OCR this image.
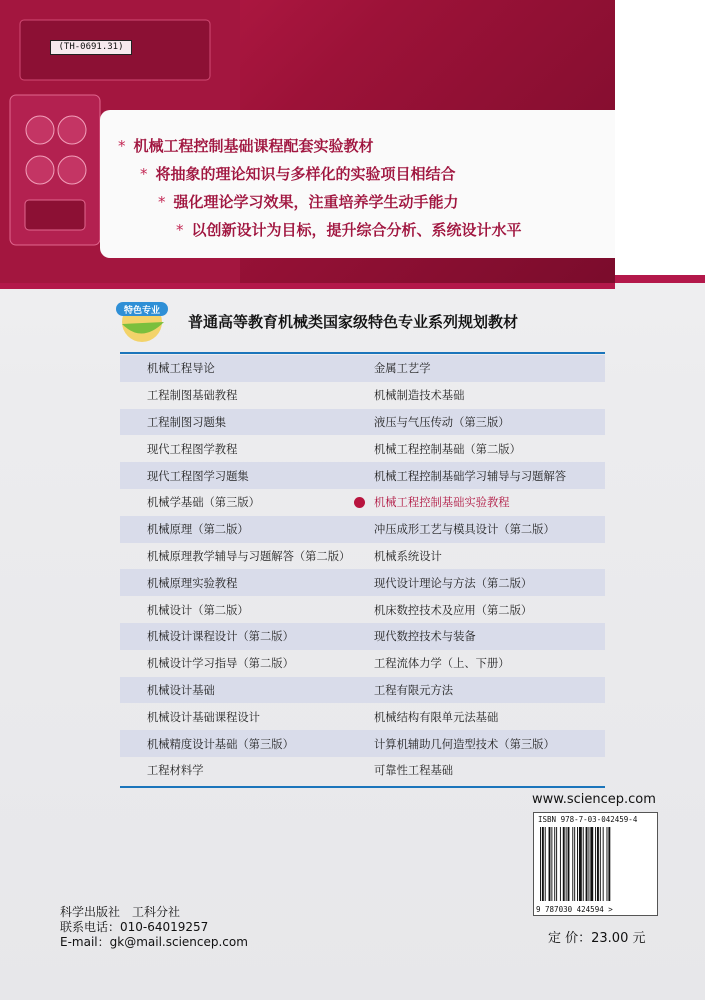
(TH-0691.31)
* 机械工程控制基础课程配套实验教材
* 将抽象的理论知识与多样化的实验项目相结合
* 强化理论学习效果，注重培养学生动手能力
* 以创新设计为目标，提升综合分析、系统设计水平
特色专业
普通高等教育机械类国家级特色专业系列规划教材
机械工程导论	金属工艺学
工程制图基础教程	机械制造技术基础
工程制图习题集	液压与气压传动（第三版）
现代工程图学教程	机械工程控制基础（第二版）
现代工程图学习题集	机械工程控制基础学习辅导与习题解答
机械学基础（第三版）	机械工程控制基础实验教程
机械原理（第二版）	冲压成形工艺与模具设计（第二版）
机械原理教学辅导与习题解答（第二版）	机械系统设计
机械原理实验教程	现代设计理论与方法（第二版）
机械设计（第二版）	机床数控技术及应用（第二版）
机械设计课程设计（第二版）	现代数控技术与装备
机械设计学习指导（第二版）	工程流体力学（上、下册）
机械设计基础	工程有限元方法
机械设计基础课程设计	机械结构有限单元法基础
机械精度设计基础（第三版）	计算机辅助几何造型技术（第三版）
工程材料学	可靠性工程基础
www.sciencep.com
ISBN 978-7-03-042459-4
9 787030 424594 >
定 价：23.00 元
科学出版社　工科分社
联系电话：010-64019257
E-mail：gk@mail.sciencep.com
